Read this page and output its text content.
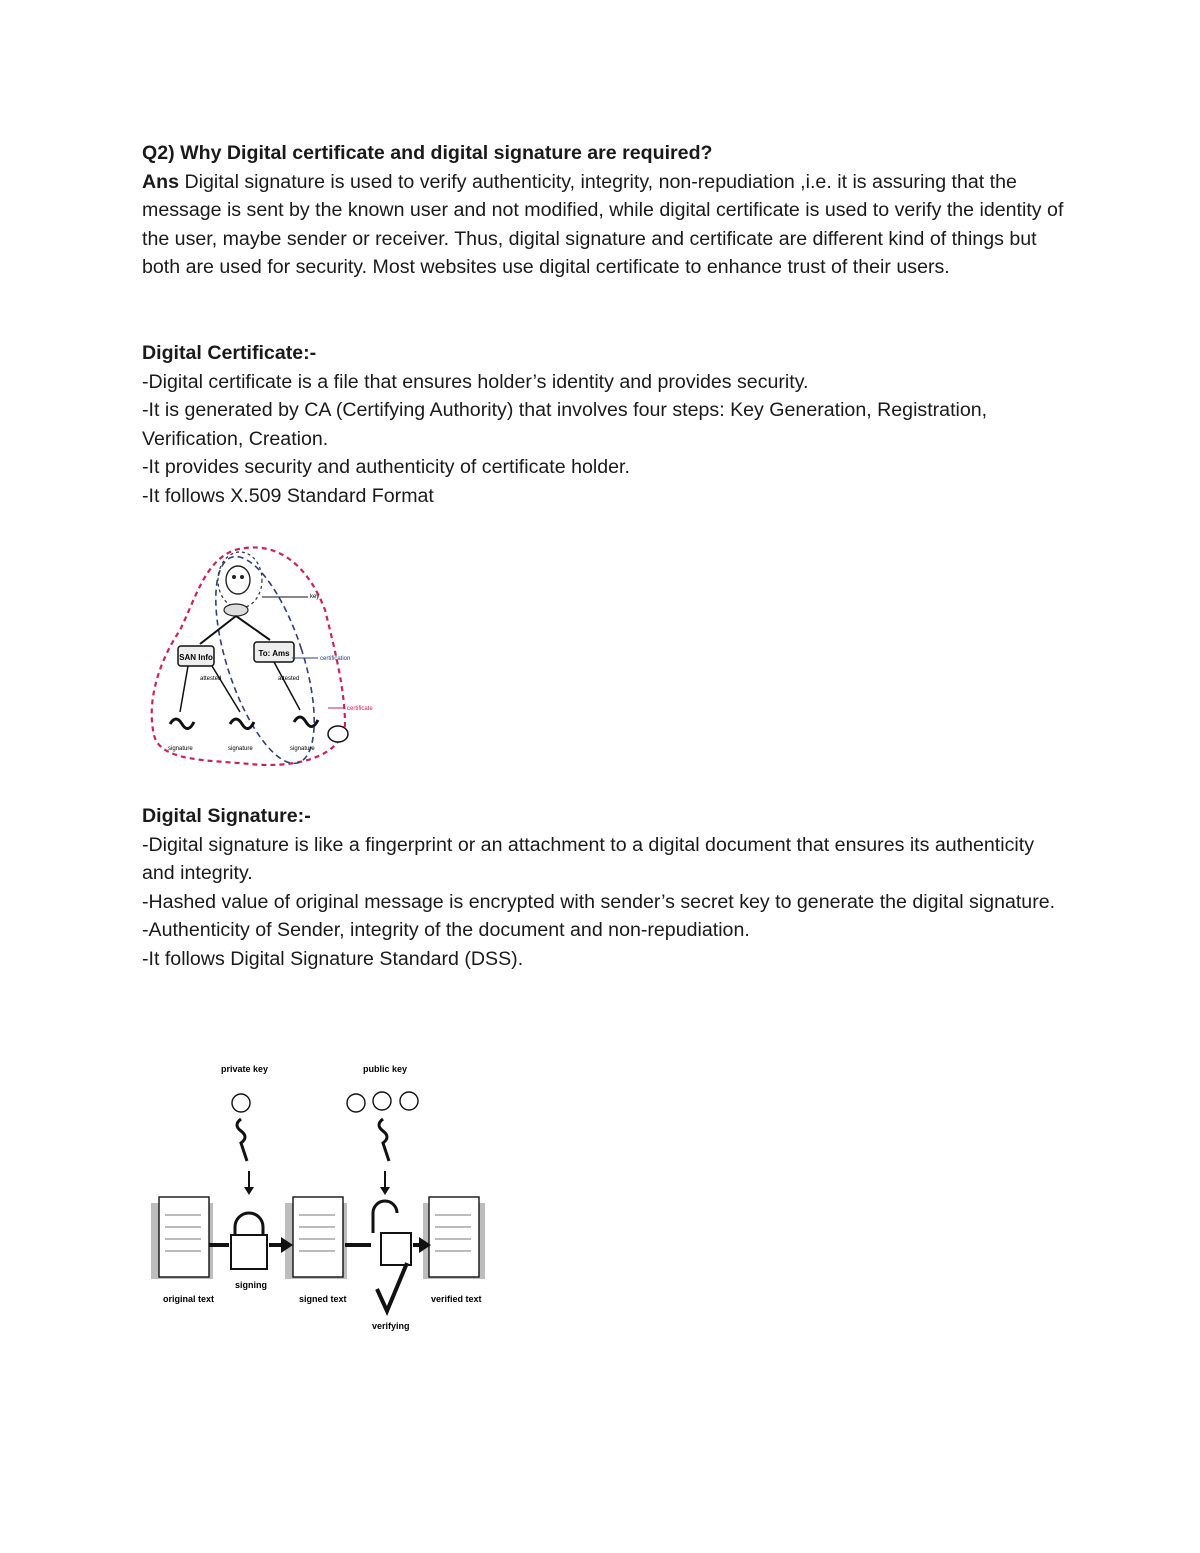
Q2) Why Digital certificate and digital signature are required?

Ans Digital signature is used to verify authenticity, integrity, non-repudiation ,i.e. it is assuring that the message is sent by the known user and not modified, while digital certificate is used to verify the identity of the user, maybe sender or receiver. Thus, digital signature and certificate are different kind of things but both are used for security. Most websites use digital certificate to enhance trust of their users.

Digital Certificate:-

-Digital certificate is a file that ensures holder’s identity and provides security.

-It is generated by CA (Certifying Authority) that involves four steps: Key Generation, Registration, Verification, Creation.

-It provides security and authenticity of certificate holder.

-It follows X.509 Standard Format

SAN Info	To: Ams
attested	attested
signature	signature	signature
key
certification
certificate

Digital Signature:-

-Digital signature is like a fingerprint or an attachment to a digital document that ensures its authenticity and integrity.

-Hashed value of original message is encrypted with sender’s secret key to generate the digital signature.

-Authenticity of Sender, integrity of the document and non-repudiation.

-It follows Digital Signature Standard (DSS).

private key	public key
original text
signing
signed text	verified text
verifying
